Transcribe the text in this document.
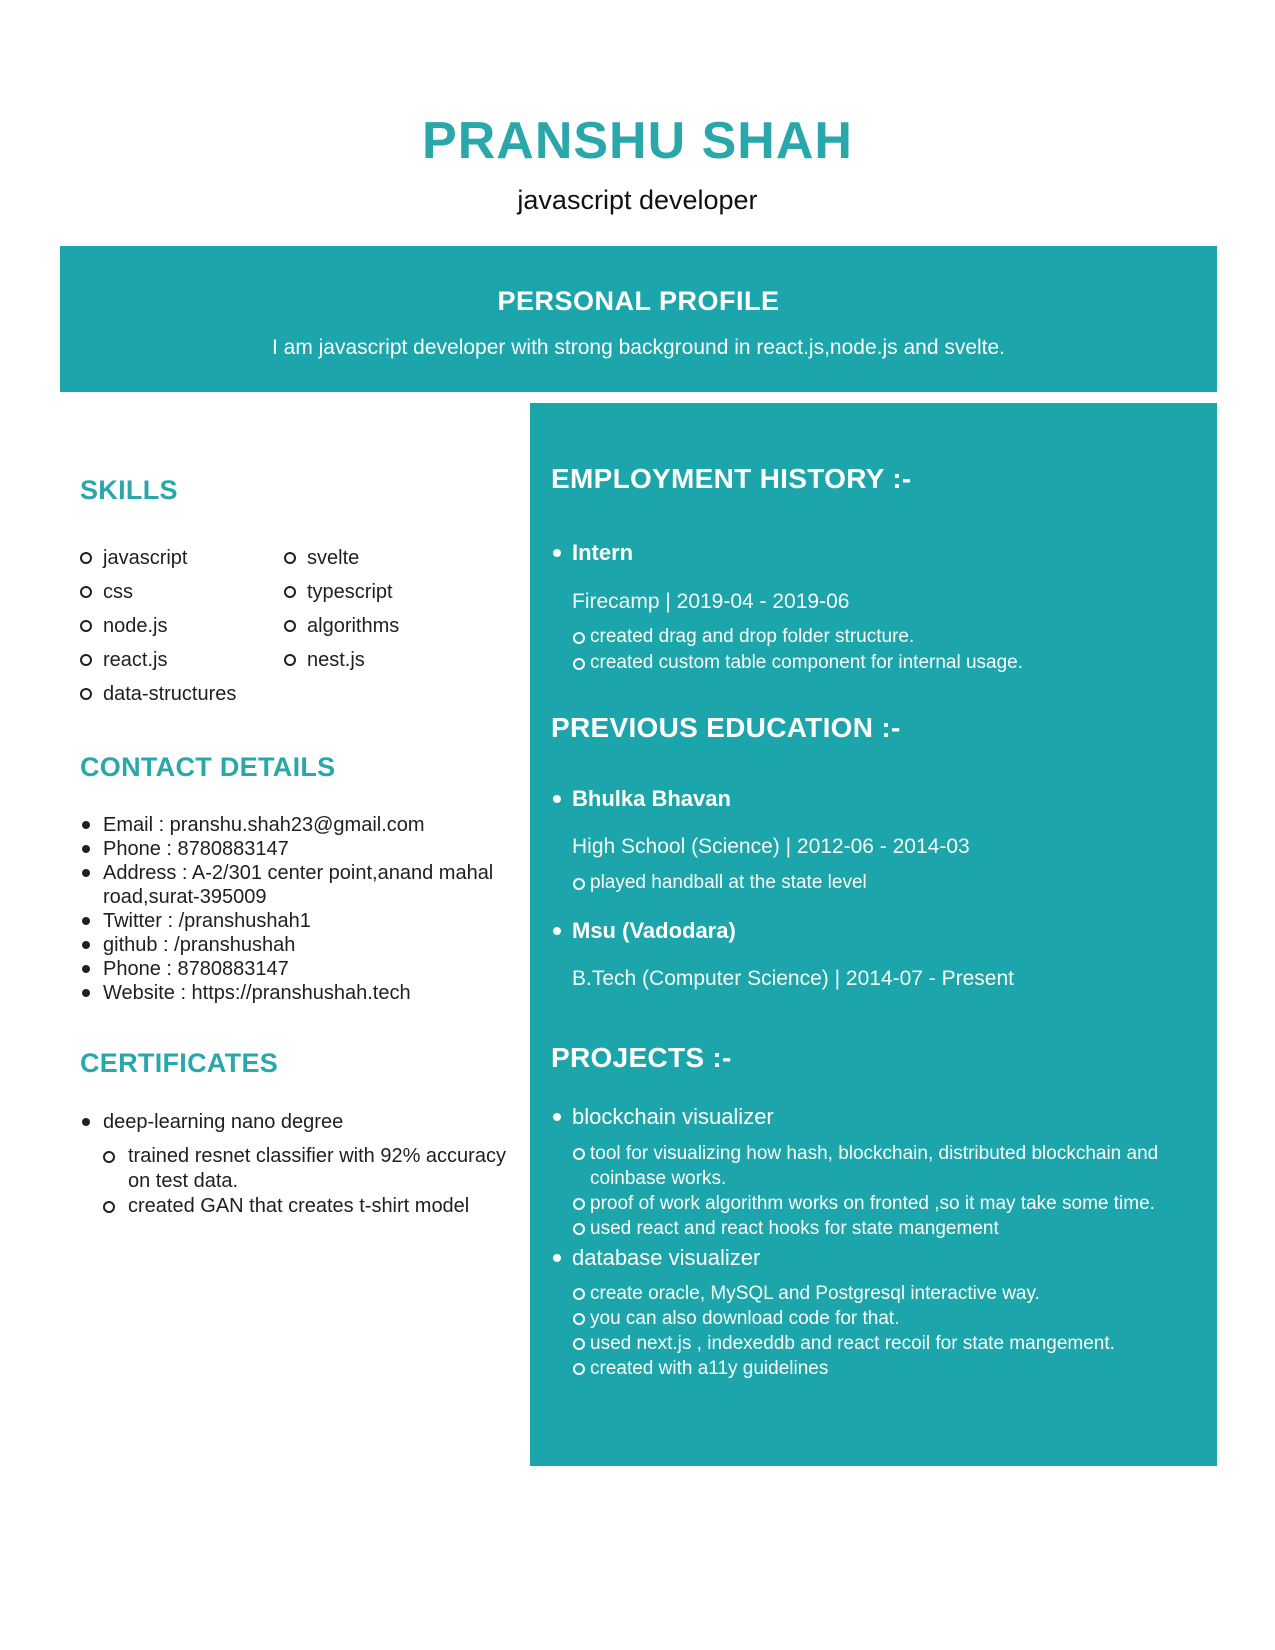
PRANSHU SHAH
javascript developer
PERSONAL PROFILE

I am javascript developer with strong background in react.js,node.js and svelte.

SKILLS
javascript
css
node.js
react.js
data-structures
svelte
typescript
algorithms
nest.js
CONTACT DETAILS
Email : pranshu.shah23@gmail.com
Phone : 8780883147
Address : A-2/301 center point,anand mahal road,surat-395009
Twitter : /pranshushah1
github : /pranshushah
Phone : 8780883147
Website : https://pranshushah.tech
CERTIFICATES
deep-learning nano degree
trained resnet classifier with 92% accuracy on test data.
created GAN that creates t-shirt model
EMPLOYMENT HISTORY :-
Intern
Firecamp | 2019-04 - 2019-06
created drag and drop folder structure.
created custom table component for internal usage.
PREVIOUS EDUCATION :-
Bhulka Bhavan
High School (Science) | 2012-06 - 2014-03
played handball at the state level
Msu (Vadodara)
B.Tech (Computer Science) | 2014-07 - Present
PROJECTS :-
blockchain visualizer
tool for visualizing how hash, blockchain, distributed blockchain and coinbase works.
proof of work algorithm works on fronted ,so it may take some time.
used react and react hooks for state mangement
database visualizer
create oracle, MySQL and Postgresql interactive way.
you can also download code for that.
used next.js , indexeddb and react recoil for state mangement.
created with a11y guidelines
